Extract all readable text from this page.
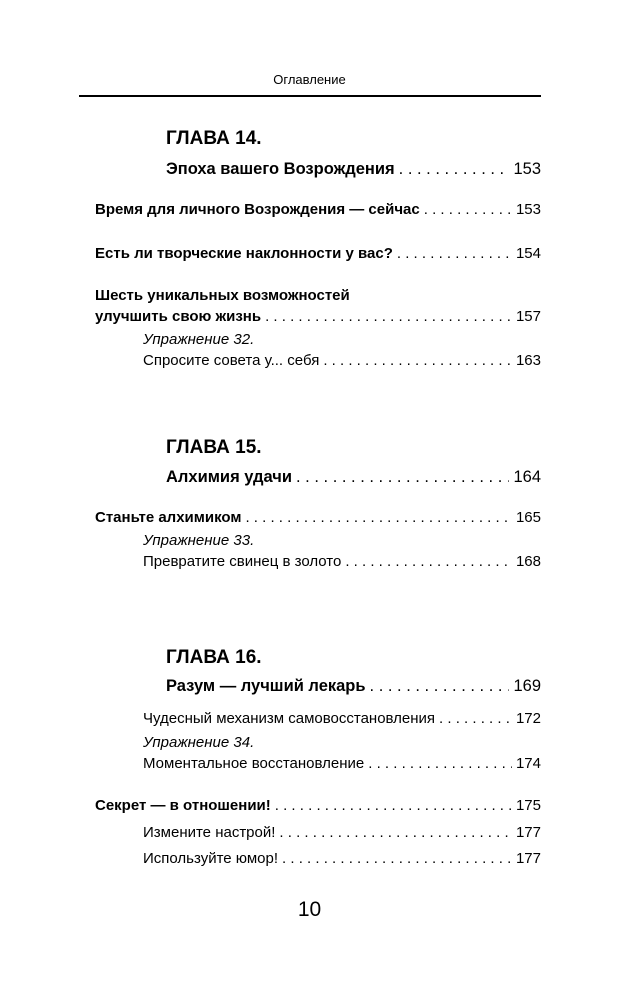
Оглавление
ГЛАВА 14.
Эпоха вашего Возрождения . . .	153
Время для личного Возрождения — сейчас . . .	153
Есть ли творческие наклонности у вас? . . .	154
Шесть уникальных возможностей
улучшить свою жизнь . . .	157
Упражнение 32.
Спросите совета у... себя . . .	163
ГЛАВА 15.
Алхимия удачи . . .	164
Станьте алхимиком . . .	165
Упражнение 33.
Превратите свинец в золото . . .	168
ГЛАВА 16.
Разум — лучший лекарь . . .	169
Чудесный механизм самовосстановления . . .	172
Упражнение 34.
Моментальное восстановление . . .	174
Секрет — в отношении! . . .	175
Измените настрой! . . .	177
Используйте юмор! . . .	177
10
